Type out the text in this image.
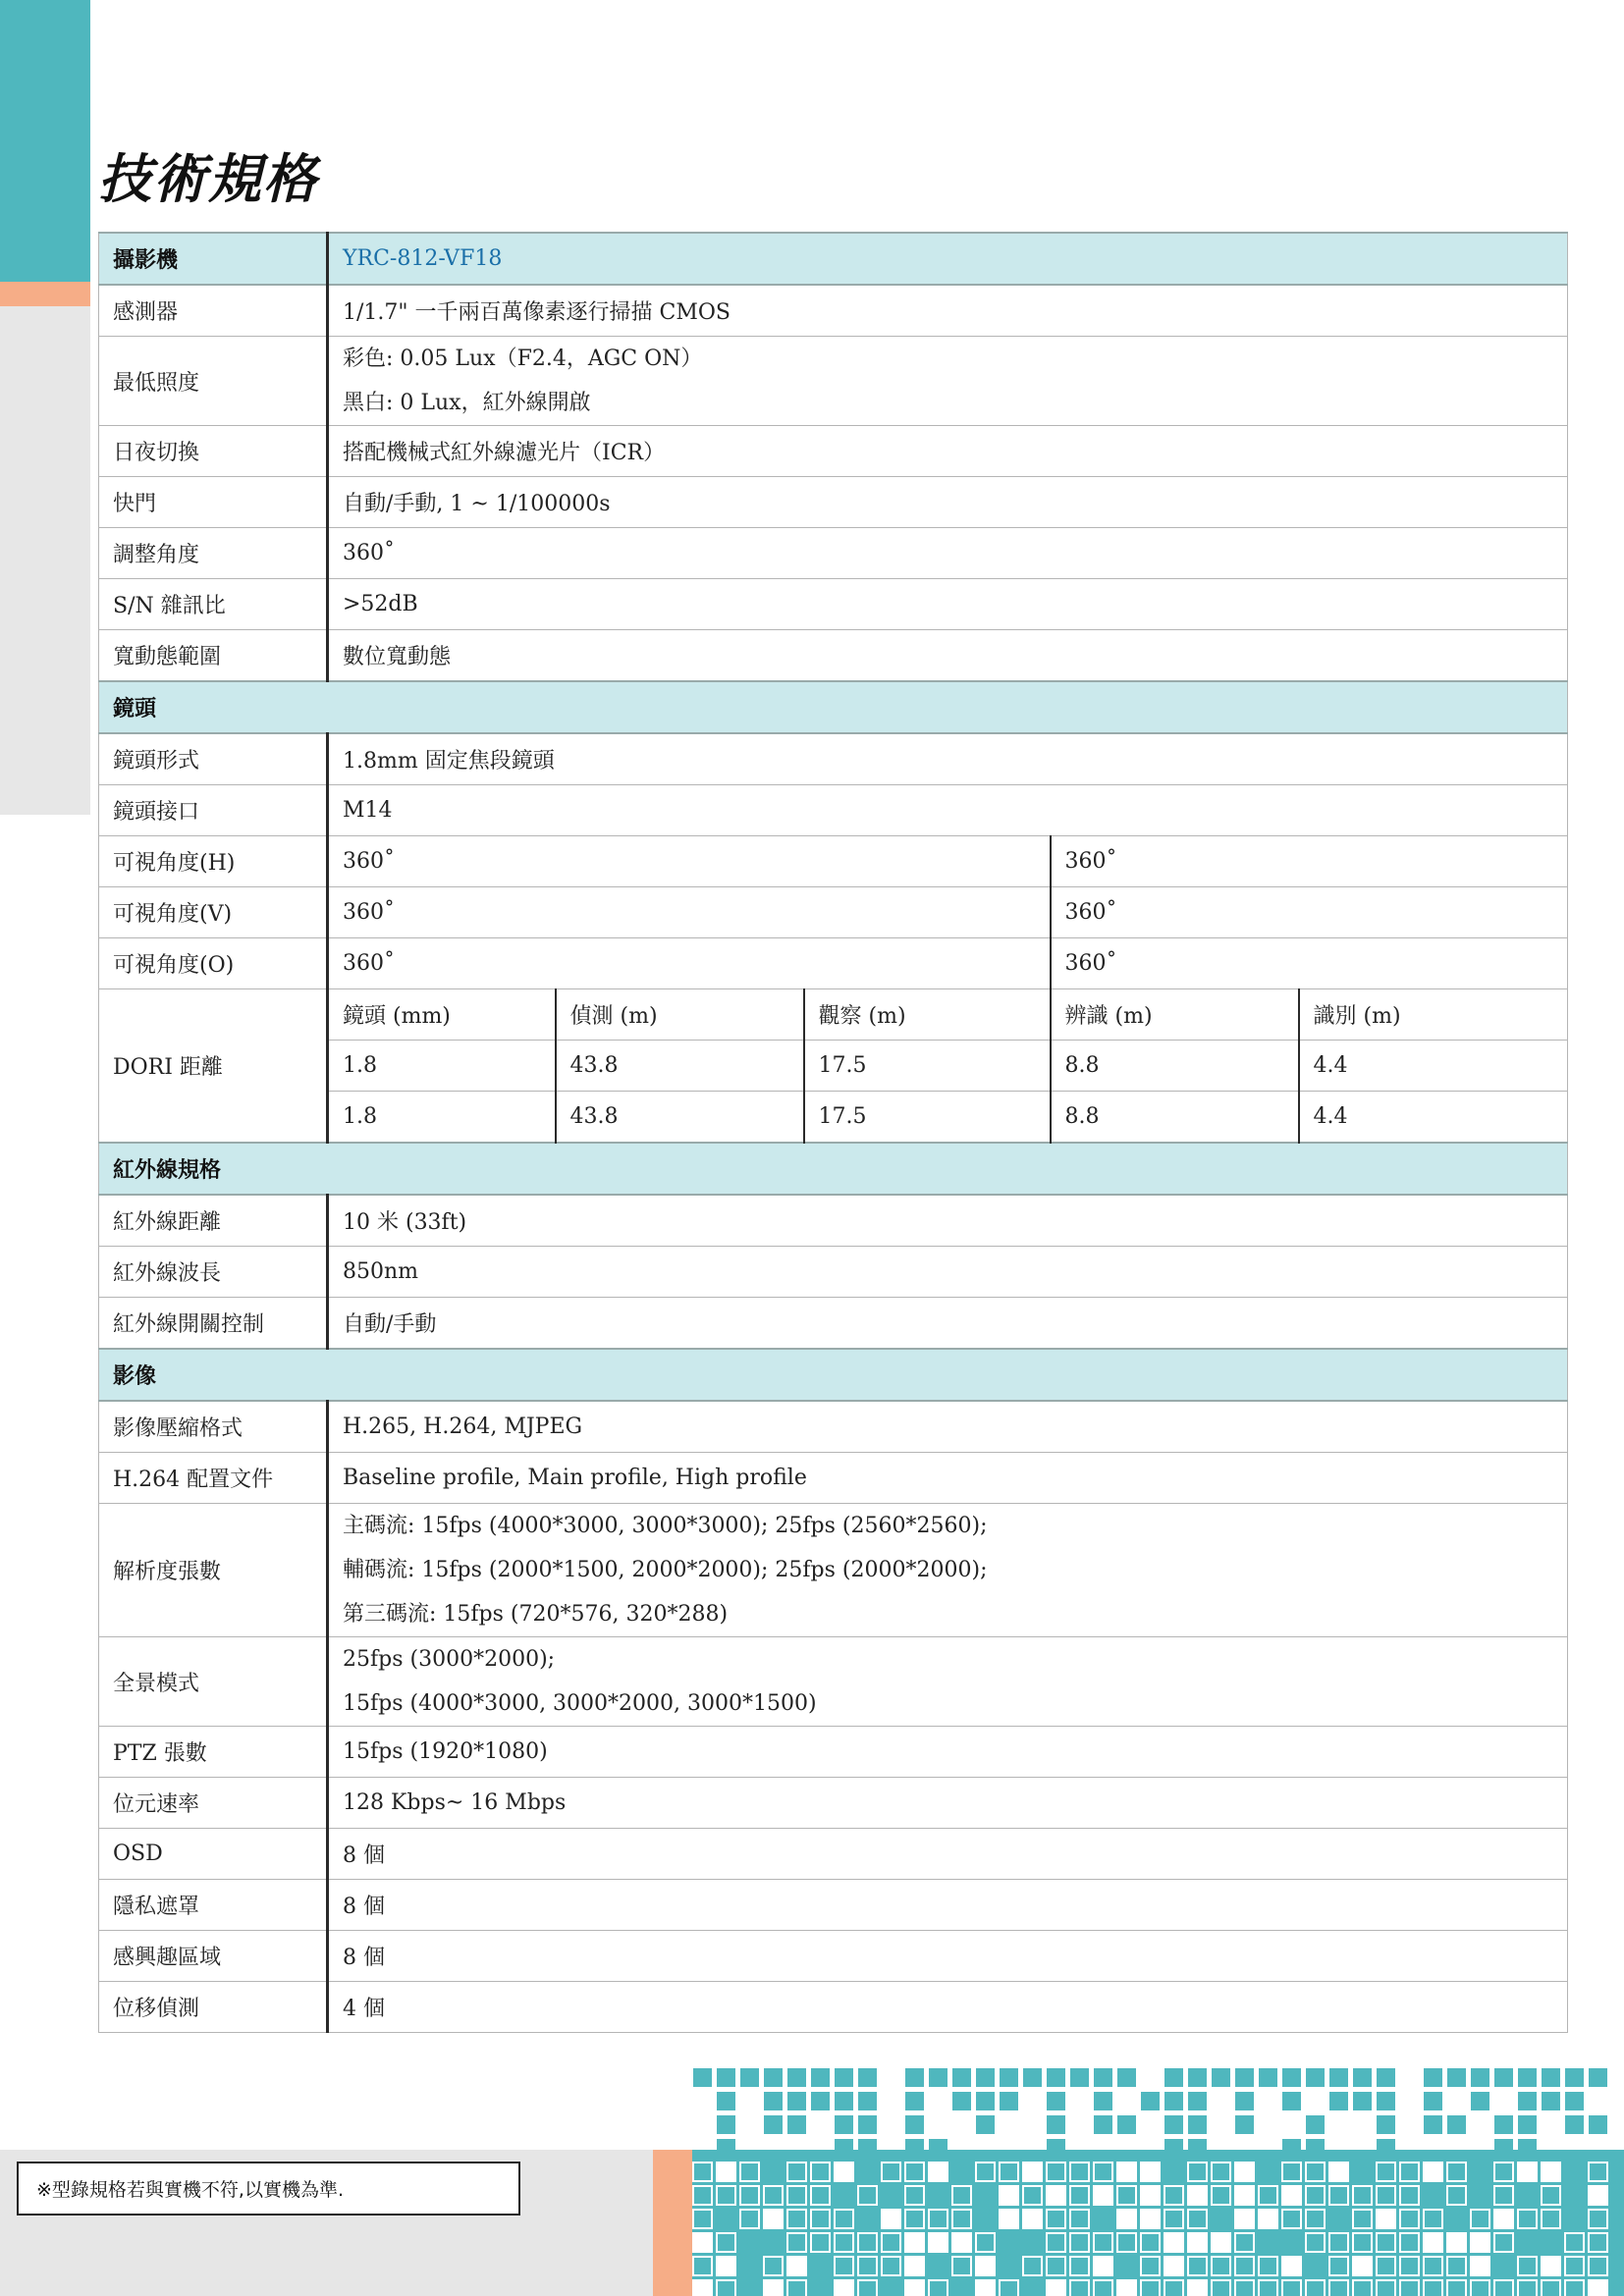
技術規格
攝影機	YRC-812-VF18				
感測器	1/1.7" 一千兩百萬像素逐行掃描 CMOS				
最低照度	彩色: 0.05 Lux（F2.4，AGC ON）
黑白: 0 Lux，紅外線開啟				

日夜切換	搭配機械式紅外線濾光片（ICR）				
快門	自動/手動, 1 ~ 1/100000s				
調整角度	360˚				
S/N 雜訊比	>52dB				
寬動態範圍	數位寬動態				
鏡頭					
鏡頭形式	1.8mm 固定焦段鏡頭				
鏡頭接口	M14				
可視角度(H)	360˚			360˚	
可視角度(V)	360˚			360˚	
可視角度(O)	360˚			360˚	
DORI 距離	鏡頭 (mm)	偵測 (m)	觀察 (m)	辨識 (m)	識別 (m)
	1.8	43.8	17.5	8.8	4.4
	1.8	43.8	17.5	8.8	4.4
紅外線規格					
紅外線距離	10 米 (33ft)				
紅外線波長	850nm				
紅外線開關控制	自動/手動				
影像					
影像壓縮格式	H.265, H.264, MJPEG				
H.264 配置文件	Baseline profile, Main profile, High profile				
解析度張數	主碼流: 15fps (4000*3000, 3000*3000); 25fps (2560*2560);
輔碼流: 15fps (2000*1500, 2000*2000); 25fps (2000*2000);
第三碼流: 15fps (720*576, 320*288)				

全景模式	25fps (3000*2000);
15fps (4000*3000, 3000*2000, 3000*1500)				

PTZ 張數	15fps (1920*1080)				
位元速率	128 Kbps~ 16 Mbps				
OSD	8 個				
隱私遮罩	8 個				
感興趣區域	8 個				
位移偵測	4 個				
※型錄規格若與實機不符,以實機為準.
